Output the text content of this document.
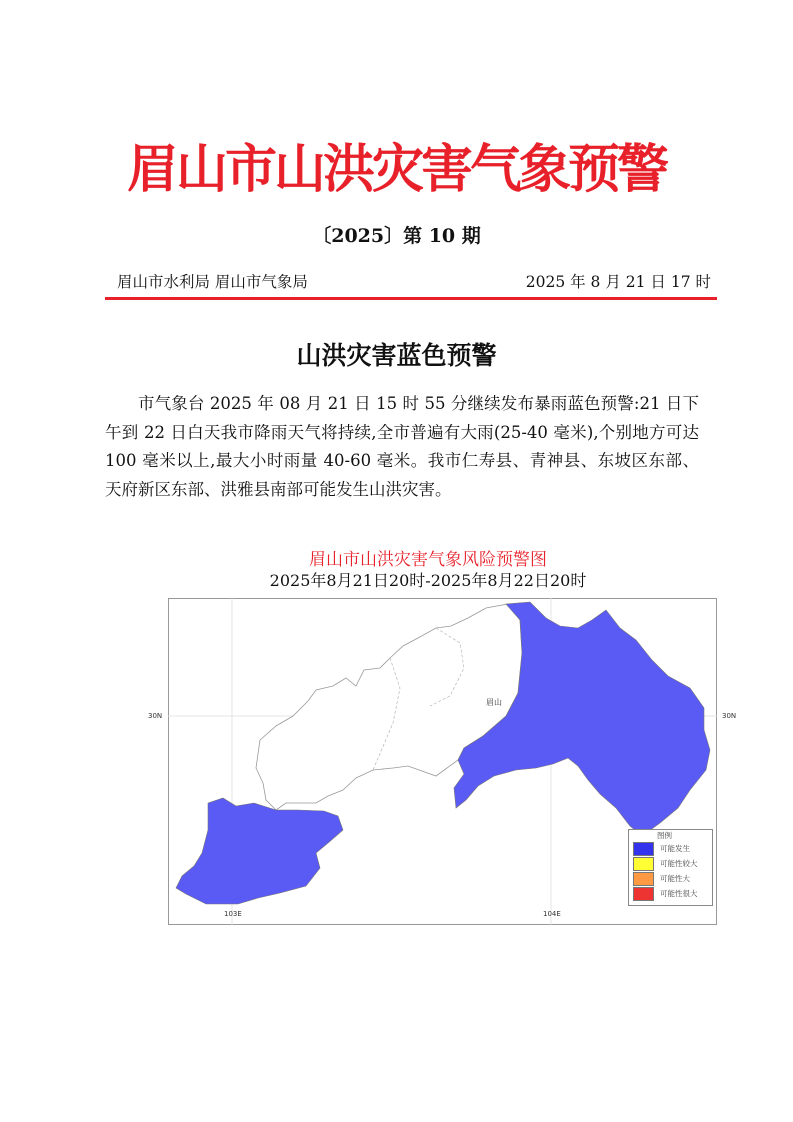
眉山市山洪灾害气象预警
〔2025〕第 10 期
眉山市水利局 眉山市气象局	2025 年 8 月 21 日 17 时
山洪灾害蓝色预警
市气象台 2025 年 08 月 21 日 15 时 55 分继续发布暴雨蓝色预警:21 日下午到 22 日白天我市降雨天气将持续,全市普遍有大雨(25-40 毫米),个别地方可达 100 毫米以上,最大小时雨量 40-60 毫米。我市仁寿县、青神县、东坡区东部、天府新区东部、洪雅县南部可能发生山洪灾害。
眉山市山洪灾害气象风险预警图
2025年8月21日20时-2025年8月22日20时
30N	30N
103E	104E
眉山
图例
可能发生
可能性较大
可能性大
可能性很大
